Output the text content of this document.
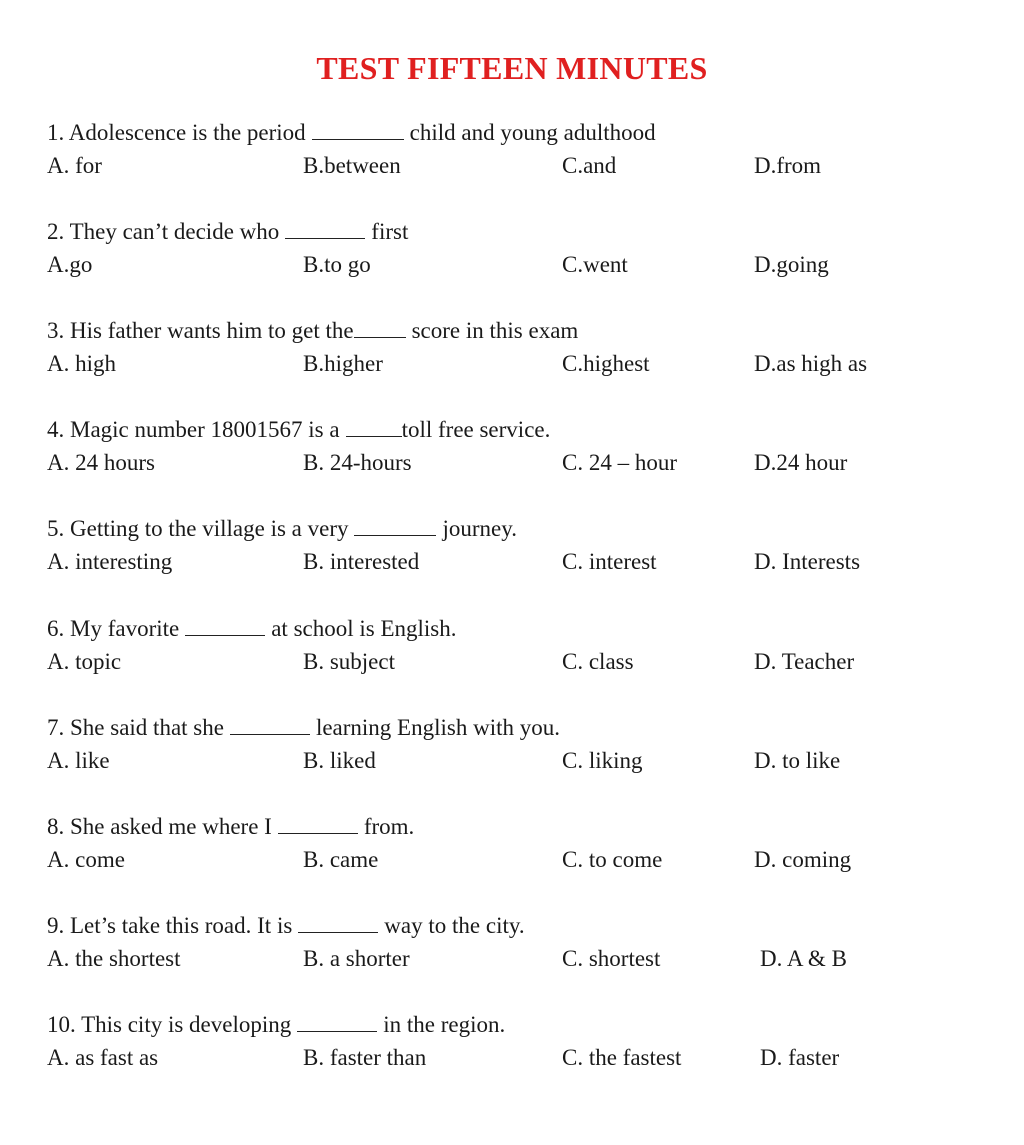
TEST FIFTEEN MINUTES
1. Adolescence is the period	child and young adulthood
A. for	B.between	C.and	D.from
2. They can’t decide who	first
A.go	B.to go	C.went	D.going
3. His father wants him to get the	score in this exam
A. high	B.higher	C.highest	D.as high as
4. Magic number 18001567 is a	toll free service.
A. 24 hours	B. 24-hours	C. 24 – hour	D.24 hour
5. Getting to the village is a very	journey.
A. interesting	B. interested	C. interest	D. Interests
6. My favorite	at school is English.
A. topic	B. subject	C. class	D. Teacher
7. She said that she	learning English with you.
A. like	B. liked	C. liking	D. to like
8. She asked me where I	from.
A. come	B. came	C. to come	D. coming
9. Let’s take this road. It is	way to the city.
A. the shortest	B. a shorter	C. shortest	D. A & B
10. This city is developing	in the region.
A. as fast as	B. faster than	C. the fastest	D. faster
